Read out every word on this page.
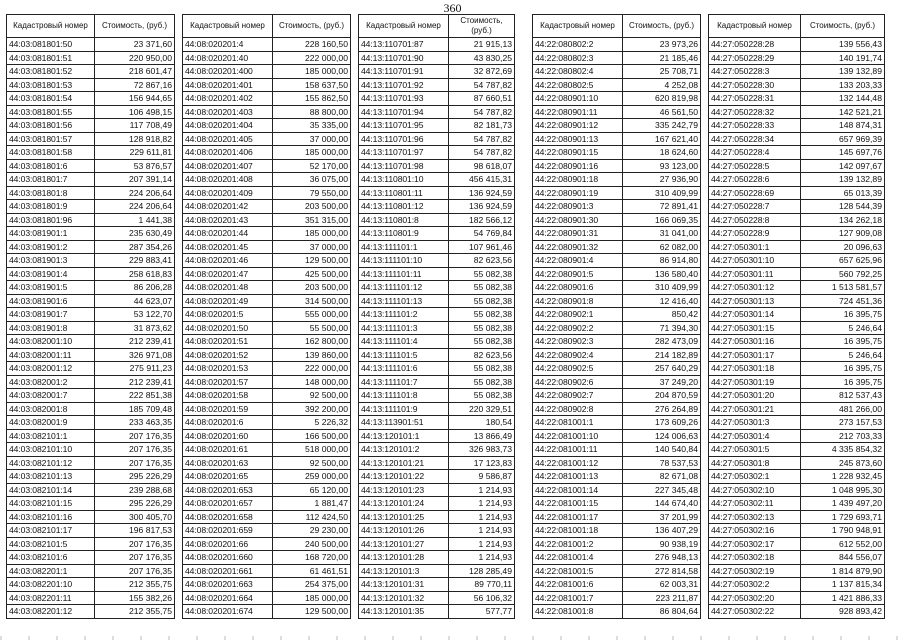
360
Кадастровый номер	Стоимость, (руб.)
44:03:081801:50	23 371,60
44:03:081801:51	220 950,00
44:03:081801:52	218 601,47
44:03:081801:53	72 867,16
44:03:081801:54	156 944,65
44:03:081801:55	106 498,15
44:03:081801:56	117 708,49
44:03:081801:57	128 918,82
44:03:081801:58	229 611,81
44:03:081801:6	53 876,57
44:03:081801:7	207 391,14
44:03:081801:8	224 206,64
44:03:081801:9	224 206,64
44:03:081801:96	1 441,38
44:03:081901:1	235 630,49
44:03:081901:2	287 354,26
44:03:081901:3	229 883,41
44:03:081901:4	258 618,83
44:03:081901:5	86 206,28
44:03:081901:6	44 623,07
44:03:081901:7	53 122,70
44:03:081901:8	31 873,62
44:03:082001:10	212 239,41
44:03:082001:11	326 971,08
44:03:082001:12	275 911,23
44:03:082001:2	212 239,41
44:03:082001:7	222 851,38
44:03:082001:8	185 709,48
44:03:082001:9	233 463,35
44:03:082101:1	207 176,35
44:03:082101:10	207 176,35
44:03:082101:12	207 176,35
44:03:082101:13	295 226,29
44:03:082101:14	239 288,68
44:03:082101:15	295 226,29
44:03:082101:16	300 405,70
44:03:082101:17	196 817,53
44:03:082101:5	207 176,35
44:03:082101:6	207 176,35
44:03:082201:1	207 176,35
44:03:082201:10	212 355,75
44:03:082201:11	155 382,26
44:03:082201:12	212 355,75
Кадастровый номер	Стоимость, (руб.)
44:08:020201:4	228 160,50
44:08:020201:40	222 000,00
44:08:020201:400	185 000,00
44:08:020201:401	158 637,50
44:08:020201:402	155 862,50
44:08:020201:403	88 800,00
44:08:020201:404	35 335,00
44:08:020201:405	37 000,00
44:08:020201:406	185 000,00
44:08:020201:407	52 170,00
44:08:020201:408	36 075,00
44:08:020201:409	79 550,00
44:08:020201:42	203 500,00
44:08:020201:43	351 315,00
44:08:020201:44	185 000,00
44:08:020201:45	37 000,00
44:08:020201:46	129 500,00
44:08:020201:47	425 500,00
44:08:020201:48	203 500,00
44:08:020201:49	314 500,00
44:08:020201:5	555 000,00
44:08:020201:50	55 500,00
44:08:020201:51	162 800,00
44:08:020201:52	139 860,00
44:08:020201:53	222 000,00
44:08:020201:57	148 000,00
44:08:020201:58	92 500,00
44:08:020201:59	392 200,00
44:08:020201:6	5 226,32
44:08:020201:60	166 500,00
44:08:020201:61	518 000,00
44:08:020201:63	92 500,00
44:08:020201:65	259 000,00
44:08:020201:653	65 120,00
44:08:020201:657	1 881,47
44:08:020201:658	112 424,50
44:08:020201:659	29 230,00
44:08:020201:66	240 500,00
44:08:020201:660	168 720,00
44:08:020201:661	61 461,51
44:08:020201:663	254 375,00
44:08:020201:664	185 000,00
44:08:020201:674	129 500,00
Кадастровый номер	Стоимость, (руб.)
44:13:110701:87	21 915,13
44:13:110701:90	43 830,25
44:13:110701:91	32 872,69
44:13:110701:92	54 787,82
44:13:110701:93	87 660,51
44:13:110701:94	54 787,82
44:13:110701:95	82 181,73
44:13:110701:96	54 787,82
44:13:110701:97	54 787,82
44:13:110701:98	98 618,07
44:13:110801:10	456 415,31
44:13:110801:11	136 924,59
44:13:110801:12	136 924,59
44:13:110801:8	182 566,12
44:13:110801:9	54 769,84
44:13:111101:1	107 961,46
44:13:111101:10	82 623,56
44:13:111101:11	55 082,38
44:13:111101:12	55 082,38
44:13:111101:13	55 082,38
44:13:111101:2	55 082,38
44:13:111101:3	55 082,38
44:13:111101:4	55 082,38
44:13:111101:5	82 623,56
44:13:111101:6	55 082,38
44:13:111101:7	55 082,38
44:13:111101:8	55 082,38
44:13:111101:9	220 329,51
44:13:113901:51	180,54
44:13:120101:1	13 866,49
44:13:120101:2	326 983,73
44:13:120101:21	17 123,83
44:13:120101:22	9 586,87
44:13:120101:23	1 214,93
44:13:120101:24	1 214,93
44:13:120101:25	1 214,93
44:13:120101:26	1 214,93
44:13:120101:27	1 214,93
44:13:120101:28	1 214,93
44:13:120101:3	128 285,49
44:13:120101:31	89 770,11
44:13:120101:32	56 106,32
44:13:120101:35	577,77
Кадастровый номер	Стоимость, (руб.)
44:22:080802:2	23 973,26
44:22:080802:3	21 185,46
44:22:080802:4	25 708,71
44:22:080802:5	4 252,08
44:22:080901:10	620 819,98
44:22:080901:11	46 561,50
44:22:080901:12	335 242,79
44:22:080901:13	167 621,40
44:22:080901:15	18 624,60
44:22:080901:16	93 123,00
44:22:080901:18	27 936,90
44:22:080901:19	310 409,99
44:22:080901:3	72 891,41
44:22:080901:30	166 069,35
44:22:080901:31	31 041,00
44:22:080901:32	62 082,00
44:22:080901:4	86 914,80
44:22:080901:5	136 580,40
44:22:080901:6	310 409,99
44:22:080901:8	12 416,40
44:22:080902:1	850,42
44:22:080902:2	71 394,30
44:22:080902:3	282 473,09
44:22:080902:4	214 182,89
44:22:080902:5	257 640,29
44:22:080902:6	37 249,20
44:22:080902:7	204 870,59
44:22:080902:8	276 264,89
44:22:081001:1	173 609,26
44:22:081001:10	124 006,63
44:22:081001:11	140 540,84
44:22:081001:12	78 537,53
44:22:081001:13	82 671,08
44:22:081001:14	227 345,48
44:22:081001:15	144 674,40
44:22:081001:17	37 201,99
44:22:081001:18	136 407,29
44:22:081001:2	90 938,19
44:22:081001:4	276 948,13
44:22:081001:5	272 814,58
44:22:081001:6	62 003,31
44:22:081001:7	223 211,87
44:22:081001:8	86 804,64
Кадастровый номер	Стоимость, (руб.)
44:27:050228:28	139 556,43
44:27:050228:29	140 191,74
44:27:050228:3	139 132,89
44:27:050228:30	133 203,33
44:27:050228:31	132 144,48
44:27:050228:32	142 521,21
44:27:050228:33	148 874,31
44:27:050228:34	657 969,39
44:27:050228:4	145 697,76
44:27:050228:5	142 097,67
44:27:050228:6	139 132,89
44:27:050228:69	65 013,39
44:27:050228:7	128 544,39
44:27:050228:8	134 262,18
44:27:050228:9	127 909,08
44:27:050301:1	20 096,63
44:27:050301:10	657 625,96
44:27:050301:11	560 792,25
44:27:050301:12	1 513 581,57
44:27:050301:13	724 451,36
44:27:050301:14	16 395,75
44:27:050301:15	5 246,64
44:27:050301:16	16 395,75
44:27:050301:17	5 246,64
44:27:050301:18	16 395,75
44:27:050301:19	16 395,75
44:27:050301:20	812 537,43
44:27:050301:21	481 266,00
44:27:050301:3	273 157,53
44:27:050301:4	212 703,33
44:27:050301:5	4 335 854,32
44:27:050301:8	245 873,60
44:27:050302:1	1 228 932,45
44:27:050302:10	1 048 995,30
44:27:050302:11	1 439 497,20
44:27:050302:13	1 729 693,71
44:27:050302:16	1 790 948,91
44:27:050302:17	612 552,00
44:27:050302:18	844 556,07
44:27:050302:19	1 814 879,90
44:27:050302:2	1 137 815,34
44:27:050302:20	1 421 886,33
44:27:050302:22	928 893,42
